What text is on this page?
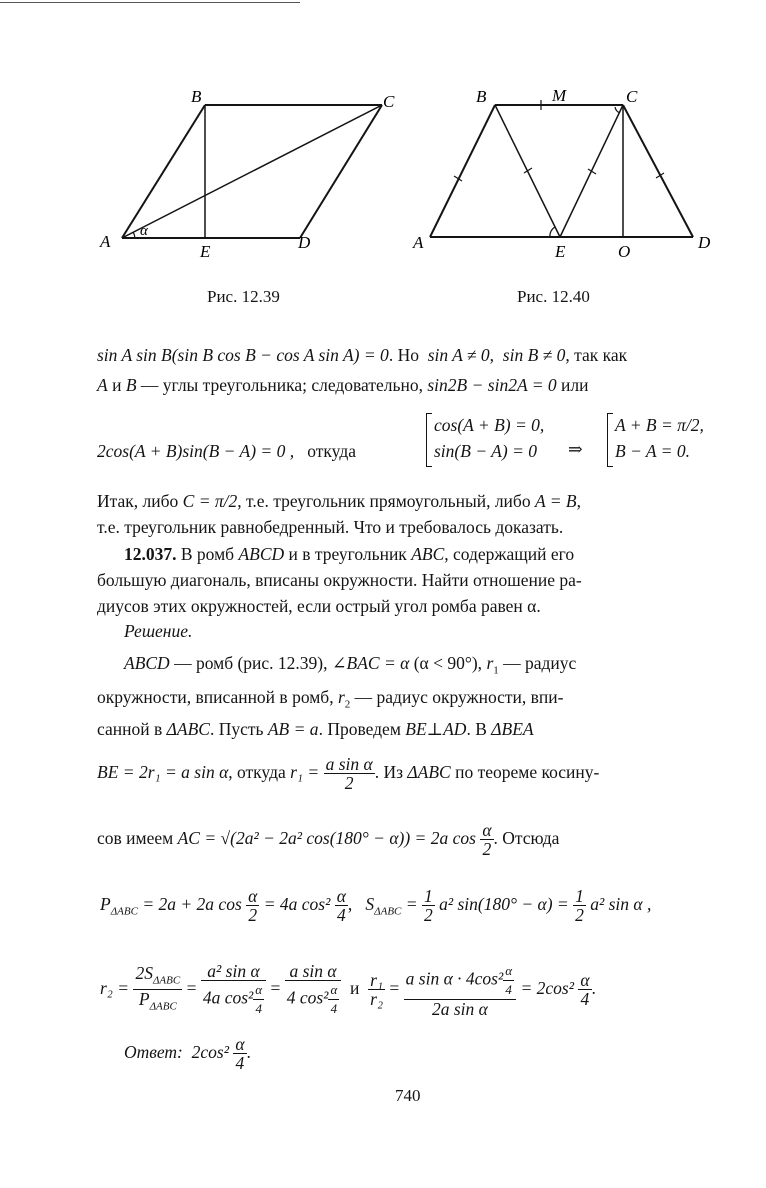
A
B	C
D
E
α
Рис. 12.39
A
B	M	C
E	O	D
Рис. 12.40
sin A sin B(sin B cos B − cos A sin A) = 0. Но sin A ≠ 0,  sin B ≠ 0, так как
A и B — углы треугольника; следовательно, sin2B − sin2A = 0 или
2cos(A + B)sin(B − A) = 0 , откуда
cos(A + B) = 0,
sin(B − A) = 0	⇒
A + B = π/2,
B − A = 0.
Итак, либо C = π/2, т.е. треугольник прямоугольный, либо A = B,
т.е. треугольник равнобедренный. Что и требовалось доказать.
12.037. В ромб ABCD и в треугольник ABC, содержащий его
большую диагональ, вписаны окружности. Найти отношение ра-
диусов этих окружностей, если острый угол ромба равен α.
Решение.
ABCD — ромб (рис. 12.39), ∠BAC = α (α < 90°), $r_1$ — радиус
окружности, вписанной в ромб, $r_2$ — радиус окружности, впи-
санной в ΔABC. Пусть AB = a. Проведем BE⊥AD. В ΔBEA
BE = 2r₁ = a sin α, откуда $r_1 = \frac{\text{a sin α}}{2}$ . Из ΔABC по теореме косину-
сов имеем AC = √(2a² − 2a² cos(180° − α)) = 2a $\cos \frac{\alpha}{2}$ . Отсюда
$P_{\Delta ABC} = 2a + 2a$ $\cos \frac{\alpha}{2} = 4a$ $\cos^2 \frac{\alpha}{4}$ , $S_{\Delta ABC} = \frac{1}{2} a^2$ $\sin(180^\circ - \alpha) = \frac{1}{2} a^2$ sin α ,
$r_2 = \frac{2S_{\Delta ABC}}{P_{\Delta ABC}} = \frac{\text{a² sin α}}{4a \cos^2 \frac{\alpha}{4}} = \frac{\text{a sin α}}{4 \cos^2 \frac{\alpha}{4}}$ и $\frac{\text{r₁}}{\text{r₂}} = \frac{a \sin \alpha \cdot 4\cos^2 \frac{\alpha}{4}}{\text{2a sin α}} = 2\cos^2 \frac{\alpha}{4}$ .
Ответ: $2\cos^2 \frac{\alpha}{4}$ .
740
